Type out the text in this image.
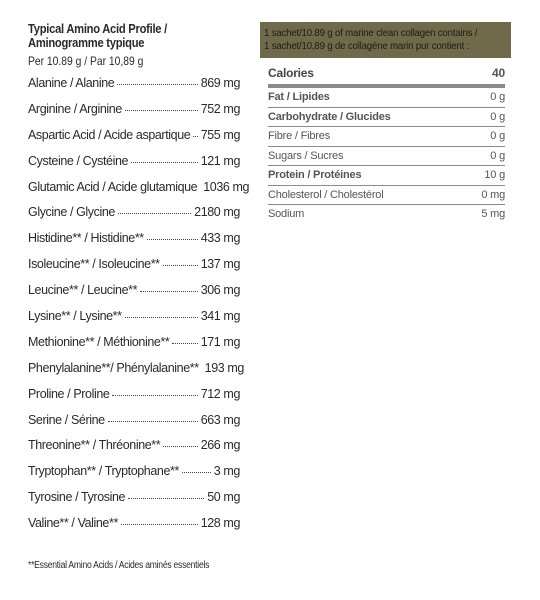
Typical Amino Acid Profile /
Aminogramme typique
Per 10.89 g / Par 10,89 g
Alanine / Alanine	869 mg
Arginine / Arginine	752 mg
Aspartic Acid / Acide aspartique 755 mg
Cysteine / Cystéine	121 mg
Glutamic Acid / Acide glutamique 1036 mg
Glycine / Glycine	2180 mg
Histidine** / Histidine**	433 mg
Isoleucine** / Isoleucine**	137 mg
Leucine** / Leucine**	306 mg
Lysine** / Lysine**	341 mg
Methionine** / Méthionine**	171 mg
Phenylalanine**/ Phénylalanine** 193 mg
Proline / Proline	712 mg
Serine / Sérine	663 mg
Threonine** / Thréonine**	266 mg
Tryptophan** / Tryptophane**	3 mg
Tyrosine / Tyrosine	50 mg
Valine** / Valine**	128 mg
**Essential Amino Acids / Acides aminés essentiels
1 sachet/10.89 g of marine clean collagen contains /
1 sachet/10,89 g de collagène marin pur contient :
Calories	40
Fat / Lipides	0 g
Carbohydrate / Glucides	0 g
Fibre / Fibres	0 g
Sugars / Sucres	0 g
Protein / Protéines	10 g
Cholesterol / Cholestérol	0 mg
Sodium	5 mg
